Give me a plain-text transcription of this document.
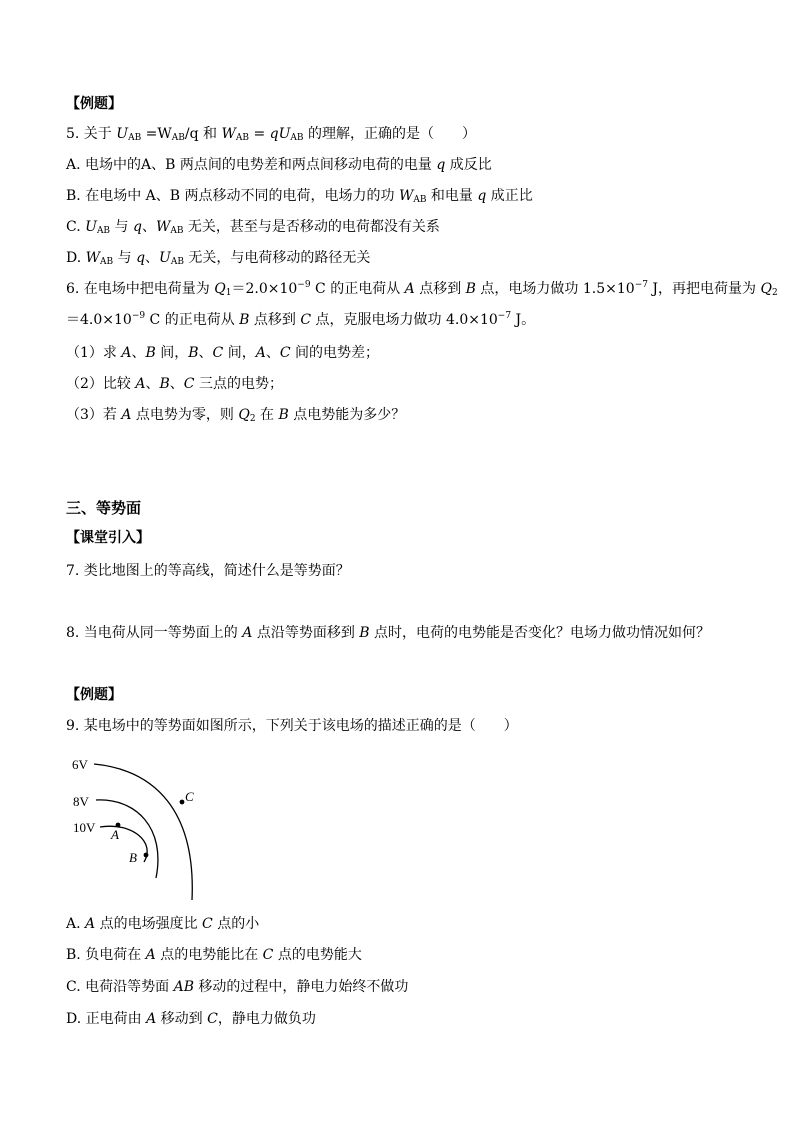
【例题】
5. 关于 $U_{AB} =W_{AB}/q$ 和 $W_{AB} = qU_{AB}$ 的理解，正确的是（　　）
A. 电场中的A、B 两点间的电势差和两点间移动电荷的电量 q 成反比
B. 在电场中 A、B 两点移动不同的电荷，电场力的功 $W_{AB}$ 和电量 q 成正比
C. $U_{AB}$ 与 q、$W_{AB}$ 无关，甚至与是否移动的电荷都没有关系
D. $W_{AB}$ 与 q、$U_{AB}$ 无关，与电荷移动的路径无关
6. 在电场中把电荷量为 $Q_1=2.0\times 10^{-9}$ C 的正电荷从 A 点移到 B 点，电场力做功 $1.5\times 10^{-7}$ J，再把电荷量为 $Q_2$
$=4.0\times 10^{-9}$ C 的正电荷从 B 点移到 C 点，克服电场力做功 $4.0\times 10^{-7}$ J。
（1）求 A、B 间，B、C 间，A、C 间的电势差；
（2）比较 A、B、C 三点的电势；
（3）若 A 点电势为零，则 $Q_2$ 在 B 点电势能为多少？
三、等势面
【课堂引入】
7. 类比地图上的等高线，简述什么是等势面？
8. 当电荷从同一等势面上的 A 点沿等势面移到 B 点时，电荷的电势能是否变化？电场力做功情况如何？
【例题】
9. 某电场中的等势面如图所示，下列关于该电场的描述正确的是（　　）
6V
8V
10V A
B
C
A. A 点的电场强度比 C 点的小
B. 负电荷在 A 点的电势能比在 C 点的电势能大
C. 电荷沿等势面 AB 移动的过程中，静电力始终不做功
D. 正电荷由 A 移动到 C，静电力做负功
